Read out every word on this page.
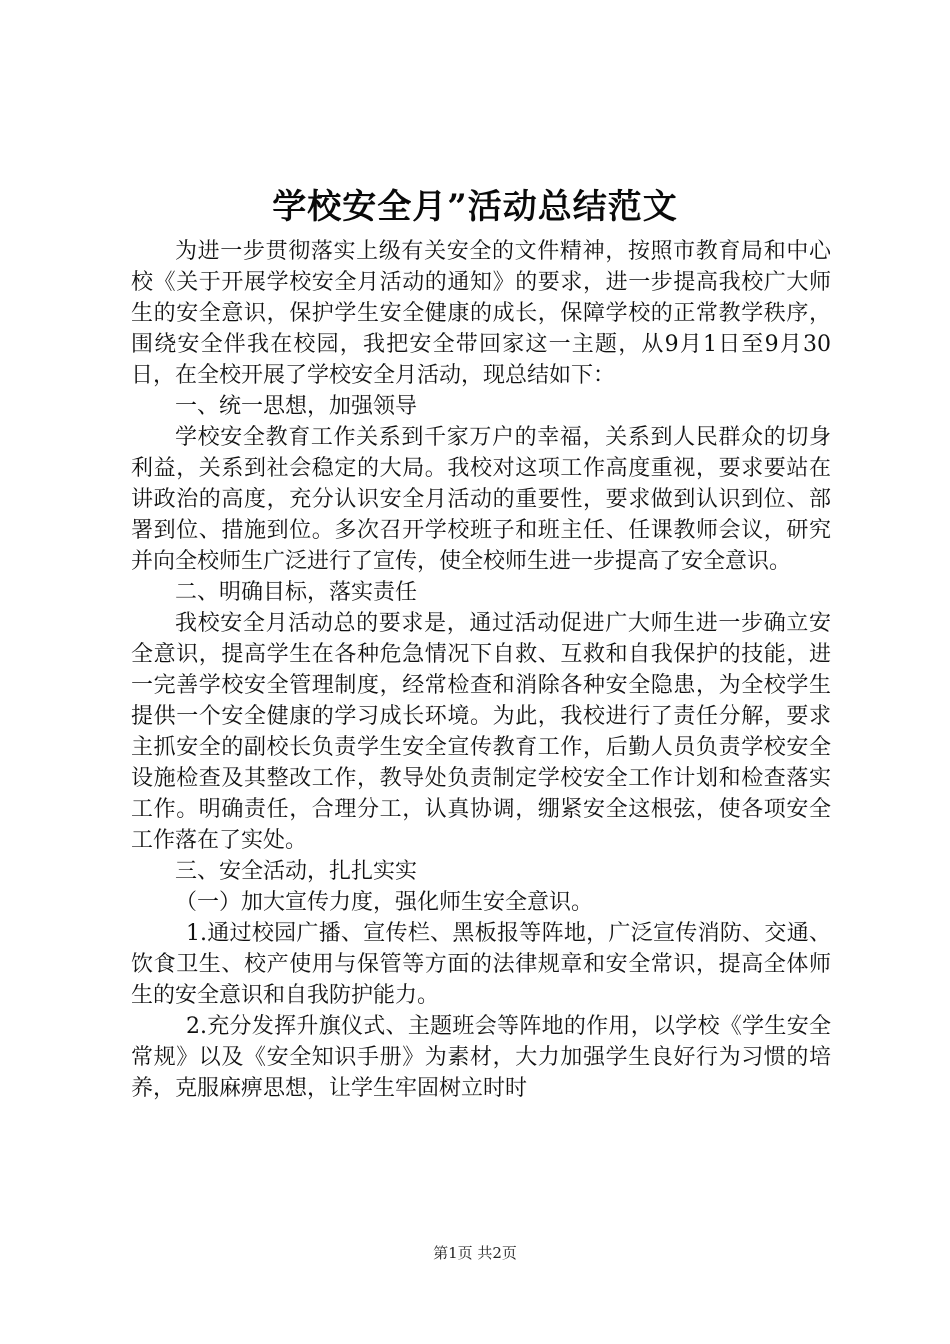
学校安全月”活动总结范文

为进一步贯彻落实上级有关安全的文件精神，按照市教育局和中心校《关于开展学校安全月活动的通知》的要求，进一步提高我校广大师生的安全意识，保护学生安全健康的成长，保障学校的正常教学秩序，围绕安全伴我在校园，我把安全带回家这一主题，从9月1日至9月30日，在全校开展了学校安全月活动，现总结如下：

一、统一思想，加强领导

学校安全教育工作关系到千家万户的幸福，关系到人民群众的切身利益，关系到社会稳定的大局。我校对这项工作高度重视，要求要站在讲政治的高度，充分认识安全月活动的重要性，要求做到认识到位、部署到位、措施到位。多次召开学校班子和班主任、任课教师会议，研究并向全校师生广泛进行了宣传，使全校师生进一步提高了安全意识。

二、明确目标，落实责任

我校安全月活动总的要求是，通过活动促进广大师生进一步确立安全意识，提高学生在各种危急情况下自救、互救和自我保护的技能，进一完善学校安全管理制度，经常检查和消除各种安全隐患，为全校学生提供一个安全健康的学习成长环境。为此，我校进行了责任分解，要求主抓安全的副校长负责学生安全宣传教育工作，后勤人员负责学校安全设施检查及其整改工作，教导处负责制定学校安全工作计划和检查落实工作。明确责任，合理分工，认真协调，绷紧安全这根弦，使各项安全工作落在了实处。

三、安全活动，扎扎实实

（一）加大宣传力度，强化师生安全意识。

1.通过校园广播、宣传栏、黑板报等阵地，广泛宣传消防、交通、饮食卫生、校产使用与保管等方面的法律规章和安全常识，提高全体师生的安全意识和自我防护能力。

2.充分发挥升旗仪式、主题班会等阵地的作用，以学校《学生安全常规》以及《安全知识手册》为素材，大力加强学生良好行为习惯的培养，克服麻痹思想，让学生牢固树立时时

第1页 共2页
